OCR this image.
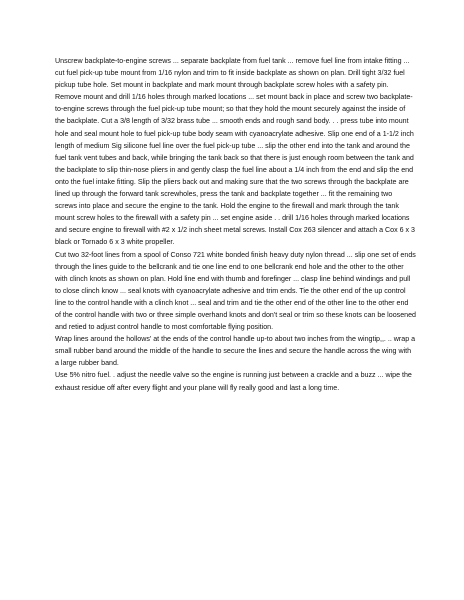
Unscrew backplate-to-engine screws ... separate backplate from fuel tank ... remove fuel line from intake fitting ... cut fuel pick-up tube mount from 1/16 nylon and trim to fit inside backplate as shown on plan. Drill tight 3/32 fuel pickup tube hole. Set mount in backplate and mark mount through backplate screw holes with a safety pin. Remove mount and drill 1/16 holes through marked locations ... set mount back in place and screw two backplate-to-engine screws through the fuel pick-up tube mount; so that they hold the mount securely against the inside of the backplate. Cut a 3/8 length of 3/32 brass tube ... smooth ends and rough sand body. . . press tube into mount hole and seal mount hole to fuel pick-up tube body seam with cyanoacrylate adhesive. Slip one end of a 1-1/2 inch length of medium Sig silicone fuel line over the fuel pick-up tube ... slip the other end into the tank and around the fuel tank vent tubes and back, while bringing the tank back so that there is just enough room between the tank and the backplate to slip thin-nose pliers in and gently clasp the fuel line about a 1/4 inch from the end and slip the end onto the fuel intake fitting. Slip the pliers back out and making sure that the two screws through the backplate are lined up through the forward tank screwholes, press the tank and backplate together ... fit the remaining two screws into place and secure the engine to the tank. Hold the engine to the firewall and mark through the tank mount screw holes to the firewall with a safety pin ... set engine aside . . drill 1/16 holes through marked locations and secure engine to firewall with #2 x 1/2 inch sheet metal screws. Install Cox 263 silencer and attach a Cox 6 x 3 black or Tornado 6 x 3 white propeller.

Cut two 32-foot lines from a spool of Conso 721 white bonded finish heavy duty nylon thread ... slip one set of ends through the lines guide to the bellcrank and tie one line end to one bellcrank end hole and the other to the other with clinch knots as shown on plan. Hold line end with thumb and forefinger ... clasp line behind windings and pull to close clinch know ... seal knots with cyanoacrylate adhesive and trim ends. Tie the other end of the up control line to the control handle with a clinch knot ... seal and trim and tie the other end of the other line to the other end of the control handle with two or three simple overhand knots and don't seal or trim so these knots can be loosened and retied to adjust control handle to most comfortable flying position.

Wrap lines around the hollows' at the ends of the control handle up-to about two inches from the wingtip,,. .. wrap a small rubber band around the middle of the handle to secure the lines and secure the handle across the wing with a large rubber band.

Use 5% nitro fuel. . adjust the needle valve so the engine is running just between a crackle and a buzz ... wipe the exhaust residue off after every flight and your plane will fly really good and last a long time.
